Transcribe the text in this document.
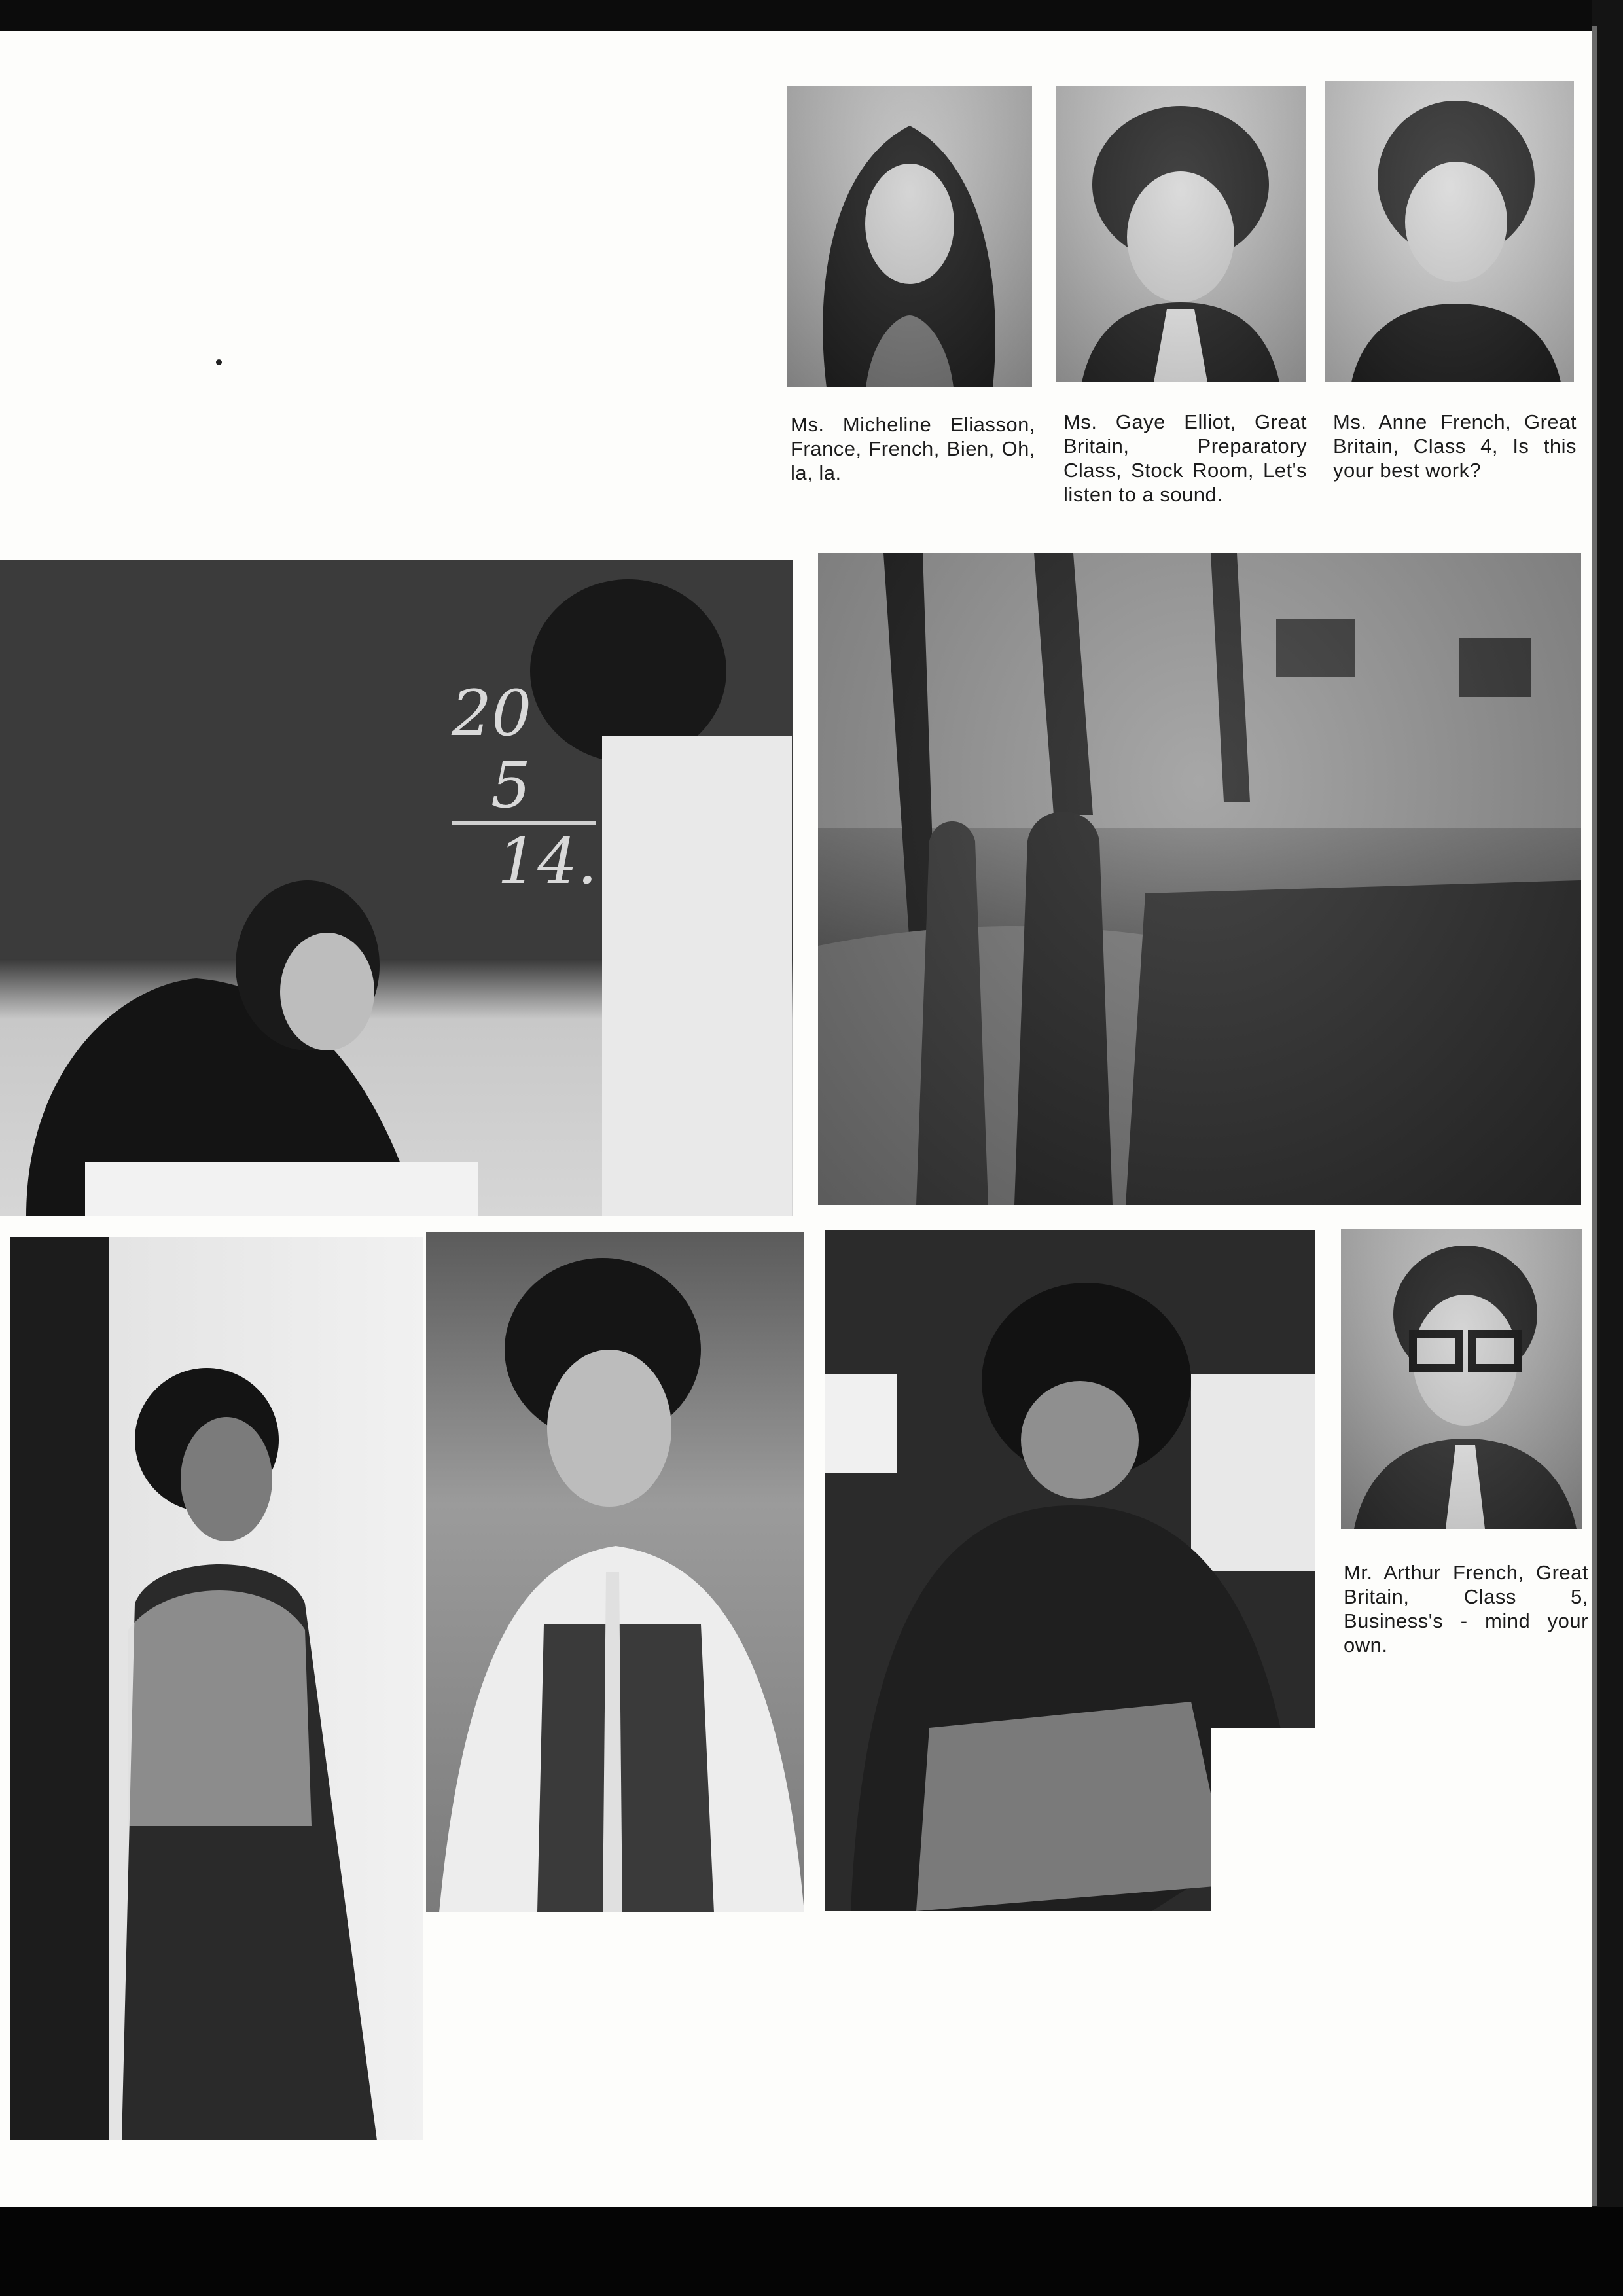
Ms. Micheline Eliasson, France, French, Bien, Oh, la, la.

Ms. Gaye Elliot, Great Britain, Preparatory Class, Stock Room, Let's listen to a sound.

Ms. Anne French, Great Britain, Class 4, Is this your best work?

20
5
14.

Mr. Arthur French, Great Britain, Class 5, Business's - mind your own.
